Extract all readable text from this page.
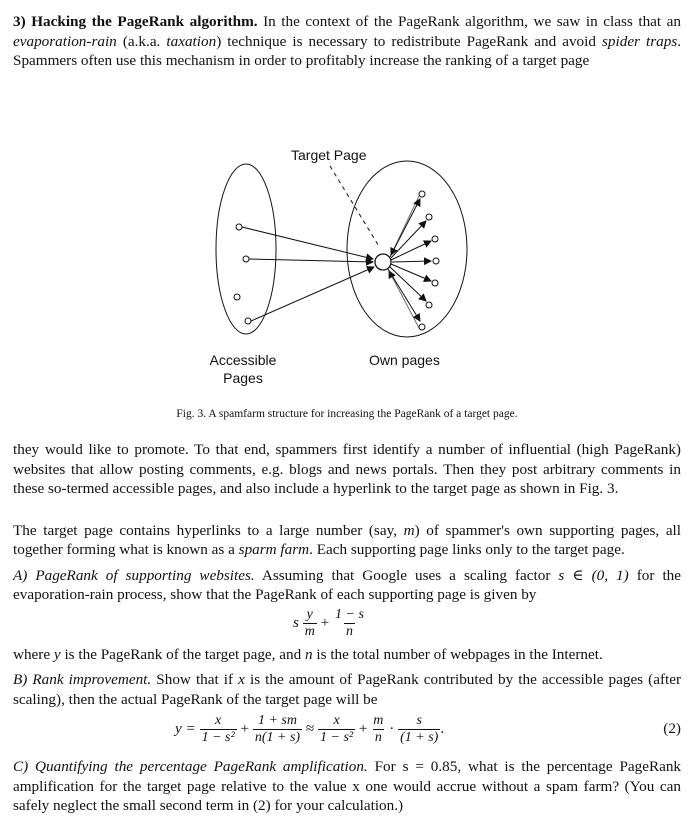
3) Hacking the PageRank algorithm. In the context of the PageRank algorithm, we saw in class that an evaporation-rain (a.k.a. taxation) technique is necessary to redistribute PageRank and avoid spider traps. Spammers often use this mechanism in order to profitably increase the ranking of a target page

Target Page
Accessible
Pages
Own pages

Fig. 3. A spamfarm structure for increasing the PageRank of a target page.

they would like to promote. To that end, spammers first identify a number of influential (high PageRank) websites that allow posting comments, e.g. blogs and news portals. Then they post arbitrary comments in these so-termed accessible pages, and also include a hyperlink to the target page as shown in Fig. 3.

The target page contains hyperlinks to a large number (say, m) of spammer's own supporting pages, all together forming what is known as a sparm farm. Each supporting page links only to the target page.

A) PageRank of supporting websites. Assuming that Google uses a scaling factor s ∈ (0, 1) for the evaporation-rain process, show that the PageRank of each supporting page is given by

s $\frac{y}{m} + \frac{1 - s}{n}$

where y is the PageRank of the target page, and n is the total number of webpages in the Internet.

B) Rank improvement. Show that if x is the amount of PageRank contributed by the accessible pages (after scaling), then the actual PageRank of the target page will be

$y = \frac{x}{\text{1 − s²}} + \frac{1 + sm}{n(1 + s)} \approx \frac{x}{\text{1 − s²}} + \frac{m}{n} \cdot \frac{s}{(1 + s)}$ .	(2)

C) Quantifying the percentage PageRank amplification. For s = 0.85, what is the percentage PageRank amplification for the target page relative to the value x one would accrue without a spam farm? (You can safely neglect the small second term in (2) for your calculation.)
